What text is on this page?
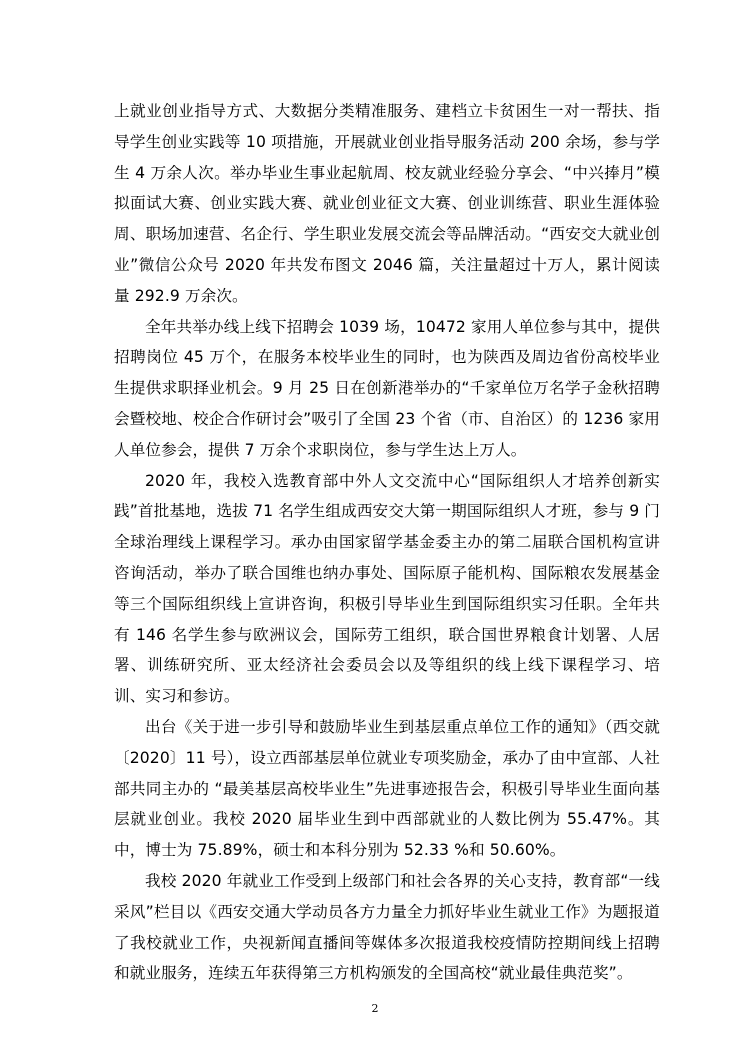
上就业创业指导方式、大数据分类精准服务、建档立卡贫困生一对一帮扶、指导学生创业实践等 10 项措施，开展就业创业指导服务活动 200 余场，参与学生 4 万余人次。举办毕业生事业起航周、校友就业经验分享会、“中兴捧月”模拟面试大赛、创业实践大赛、就业创业征文大赛、创业训练营、职业生涯体验周、职场加速营、名企行、学生职业发展交流会等品牌活动。“西安交大就业创业”微信公众号 2020 年共发布图文 2046 篇，关注量超过十万人，累计阅读量 292.9 万余次。

全年共举办线上线下招聘会 1039 场，10472 家用人单位参与其中，提供招聘岗位 45 万个，在服务本校毕业生的同时，也为陕西及周边省份高校毕业生提供求职择业机会。9 月 25 日在创新港举办的“千家单位万名学子金秋招聘会暨校地、校企合作研讨会”吸引了全国 23 个省（市、自治区）的 1236 家用人单位参会，提供 7 万余个求职岗位，参与学生达上万人。

2020 年，我校入选教育部中外人文交流中心“国际组织人才培养创新实践”首批基地，选拔 71 名学生组成西安交大第一期国际组织人才班，参与 9 门全球治理线上课程学习。承办由国家留学基金委主办的第二届联合国机构宣讲咨询活动，举办了联合国维也纳办事处、国际原子能机构、国际粮农发展基金等三个国际组织线上宣讲咨询，积极引导毕业生到国际组织实习任职。全年共有 146 名学生参与欧洲议会，国际劳工组织，联合国世界粮食计划署、人居署、训练研究所、亚太经济社会委员会以及等组织的线上线下课程学习、培训、实习和参访。

出台《关于进一步引导和鼓励毕业生到基层重点单位工作的通知》（西交就〔2020〕11 号），设立西部基层单位就业专项奖励金，承办了由中宣部、人社部共同主办的 “最美基层高校毕业生”先进事迹报告会，积极引导毕业生面向基层就业创业。我校 2020 届毕业生到中西部就业的人数比例为 55.47%。其中，博士为 75.89%，硕士和本科分别为 52.33 %和 50.60%。

我校 2020 年就业工作受到上级部门和社会各界的关心支持，教育部“一线采风”栏目以《西安交通大学动员各方力量全力抓好毕业生就业工作》为题报道了我校就业工作，央视新闻直播间等媒体多次报道我校疫情防控期间线上招聘和就业服务，连续五年获得第三方机构颁发的全国高校“就业最佳典范奖”。

2
